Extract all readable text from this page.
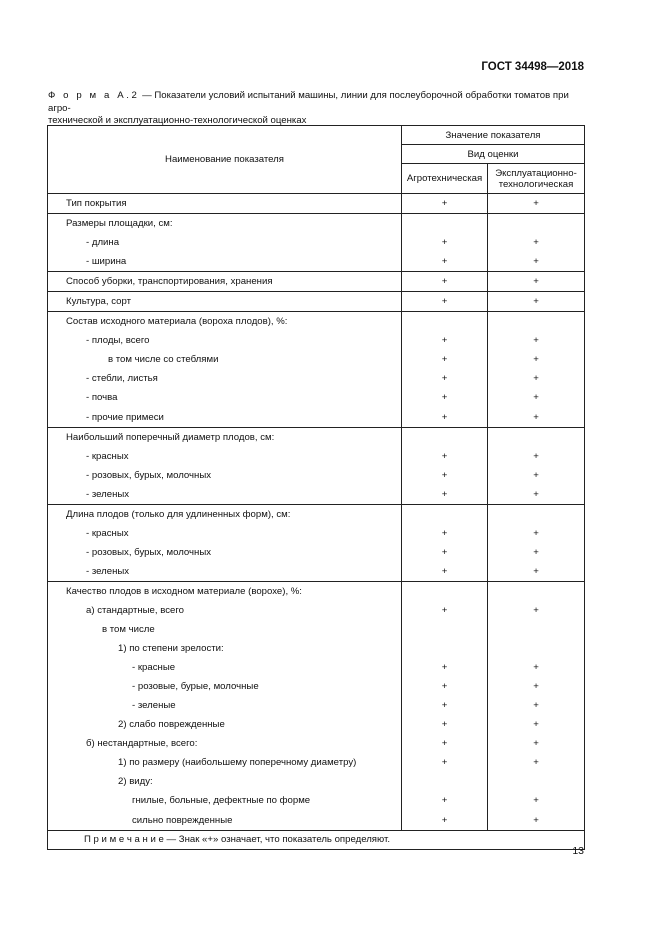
ГОСТ 34498—2018
Ф о р м а А.2 — Показатели условий испытаний машины, линии для послеуборочной обработки томатов при агро-
технической и эксплуатационно-технологической оценках
Наименование показателя	Значение показателя	
	Вид оценки	
	Агротехническая	Эксплуатационно-
технологическая
Тип покрытия	+	+
Размеры площадки, см:		
- длина	+	+
- ширина	+	+
Способ уборки, транспортирования, хранения	+	+
Культура, сорт	+	+
Состав исходного материала (вороха плодов), %:		
- плоды, всего	+	+
в том числе со стеблями	+	+
- стебли, листья	+	+
- почва	+	+
- прочие примеси	+	+
Наибольший поперечный диаметр плодов, см:		
- красных	+	+
- розовых, бурых, молочных	+	+
- зеленых	+	+
Длина плодов (только для удлиненных форм), см:		
- красных	+	+
- розовых, бурых, молочных	+	+
- зеленых	+	+
Качество плодов в исходном материале (ворохе), %:		
а) стандартные, всего	+	+
в том числе		
1) по степени зрелости:		
- красные	+	+
- розовые, бурые, молочные	+	+
- зеленые	+	+
2) слабо поврежденные	+	+
б) нестандартные, всего:	+	+
1) по размеру (наибольшему поперечному диаметру)	+	+
2) виду:		
гнилые, больные, дефектные по форме	+	+
сильно поврежденные	+	+
П р и м е ч а н и е — Знак «+» означает, что показатель определяют.		
13
